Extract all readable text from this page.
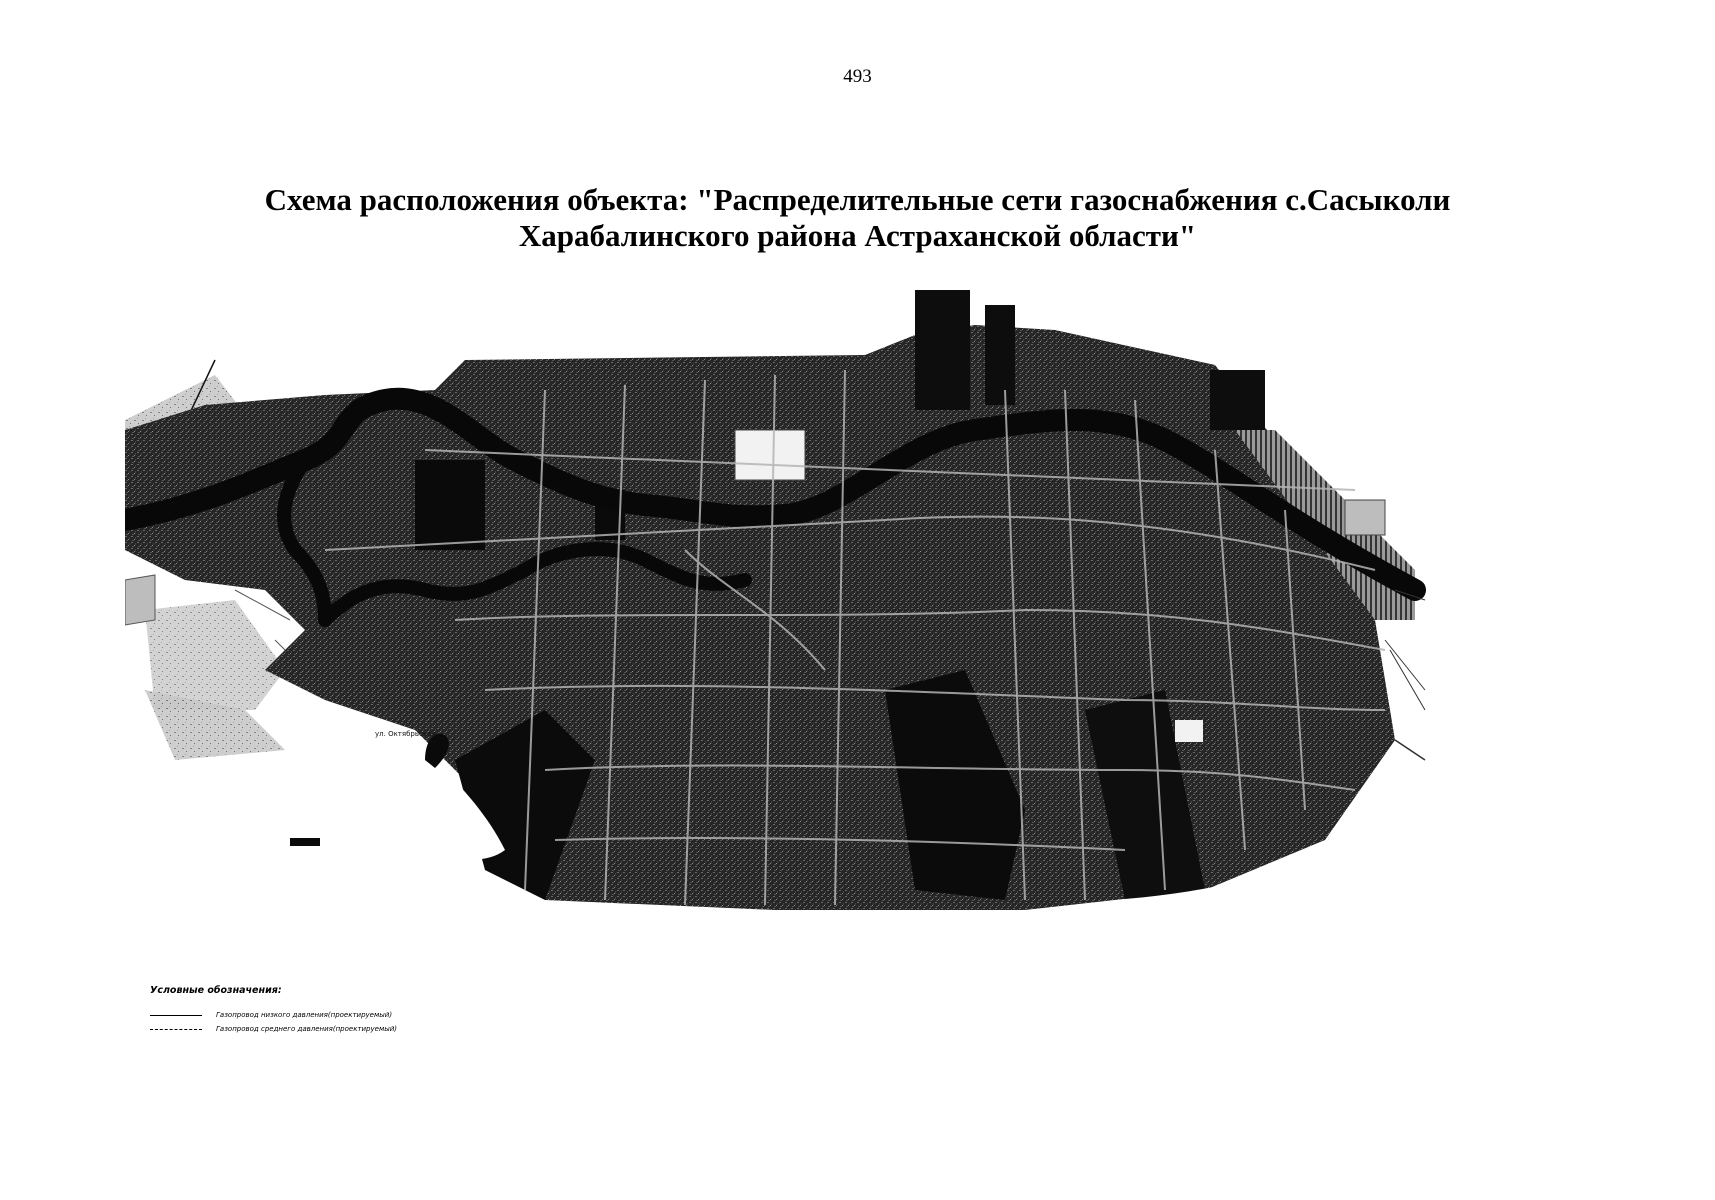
493
Схема расположения объекта: "Распределительные сети газоснабжения с.Сасыколи
Харабалинского района Астраханской области"
ул. Октябрьская
Условные обозначения:
Газопровод низкого давления(проектируемый)
Газопровод среднего давления(проектируемый)
